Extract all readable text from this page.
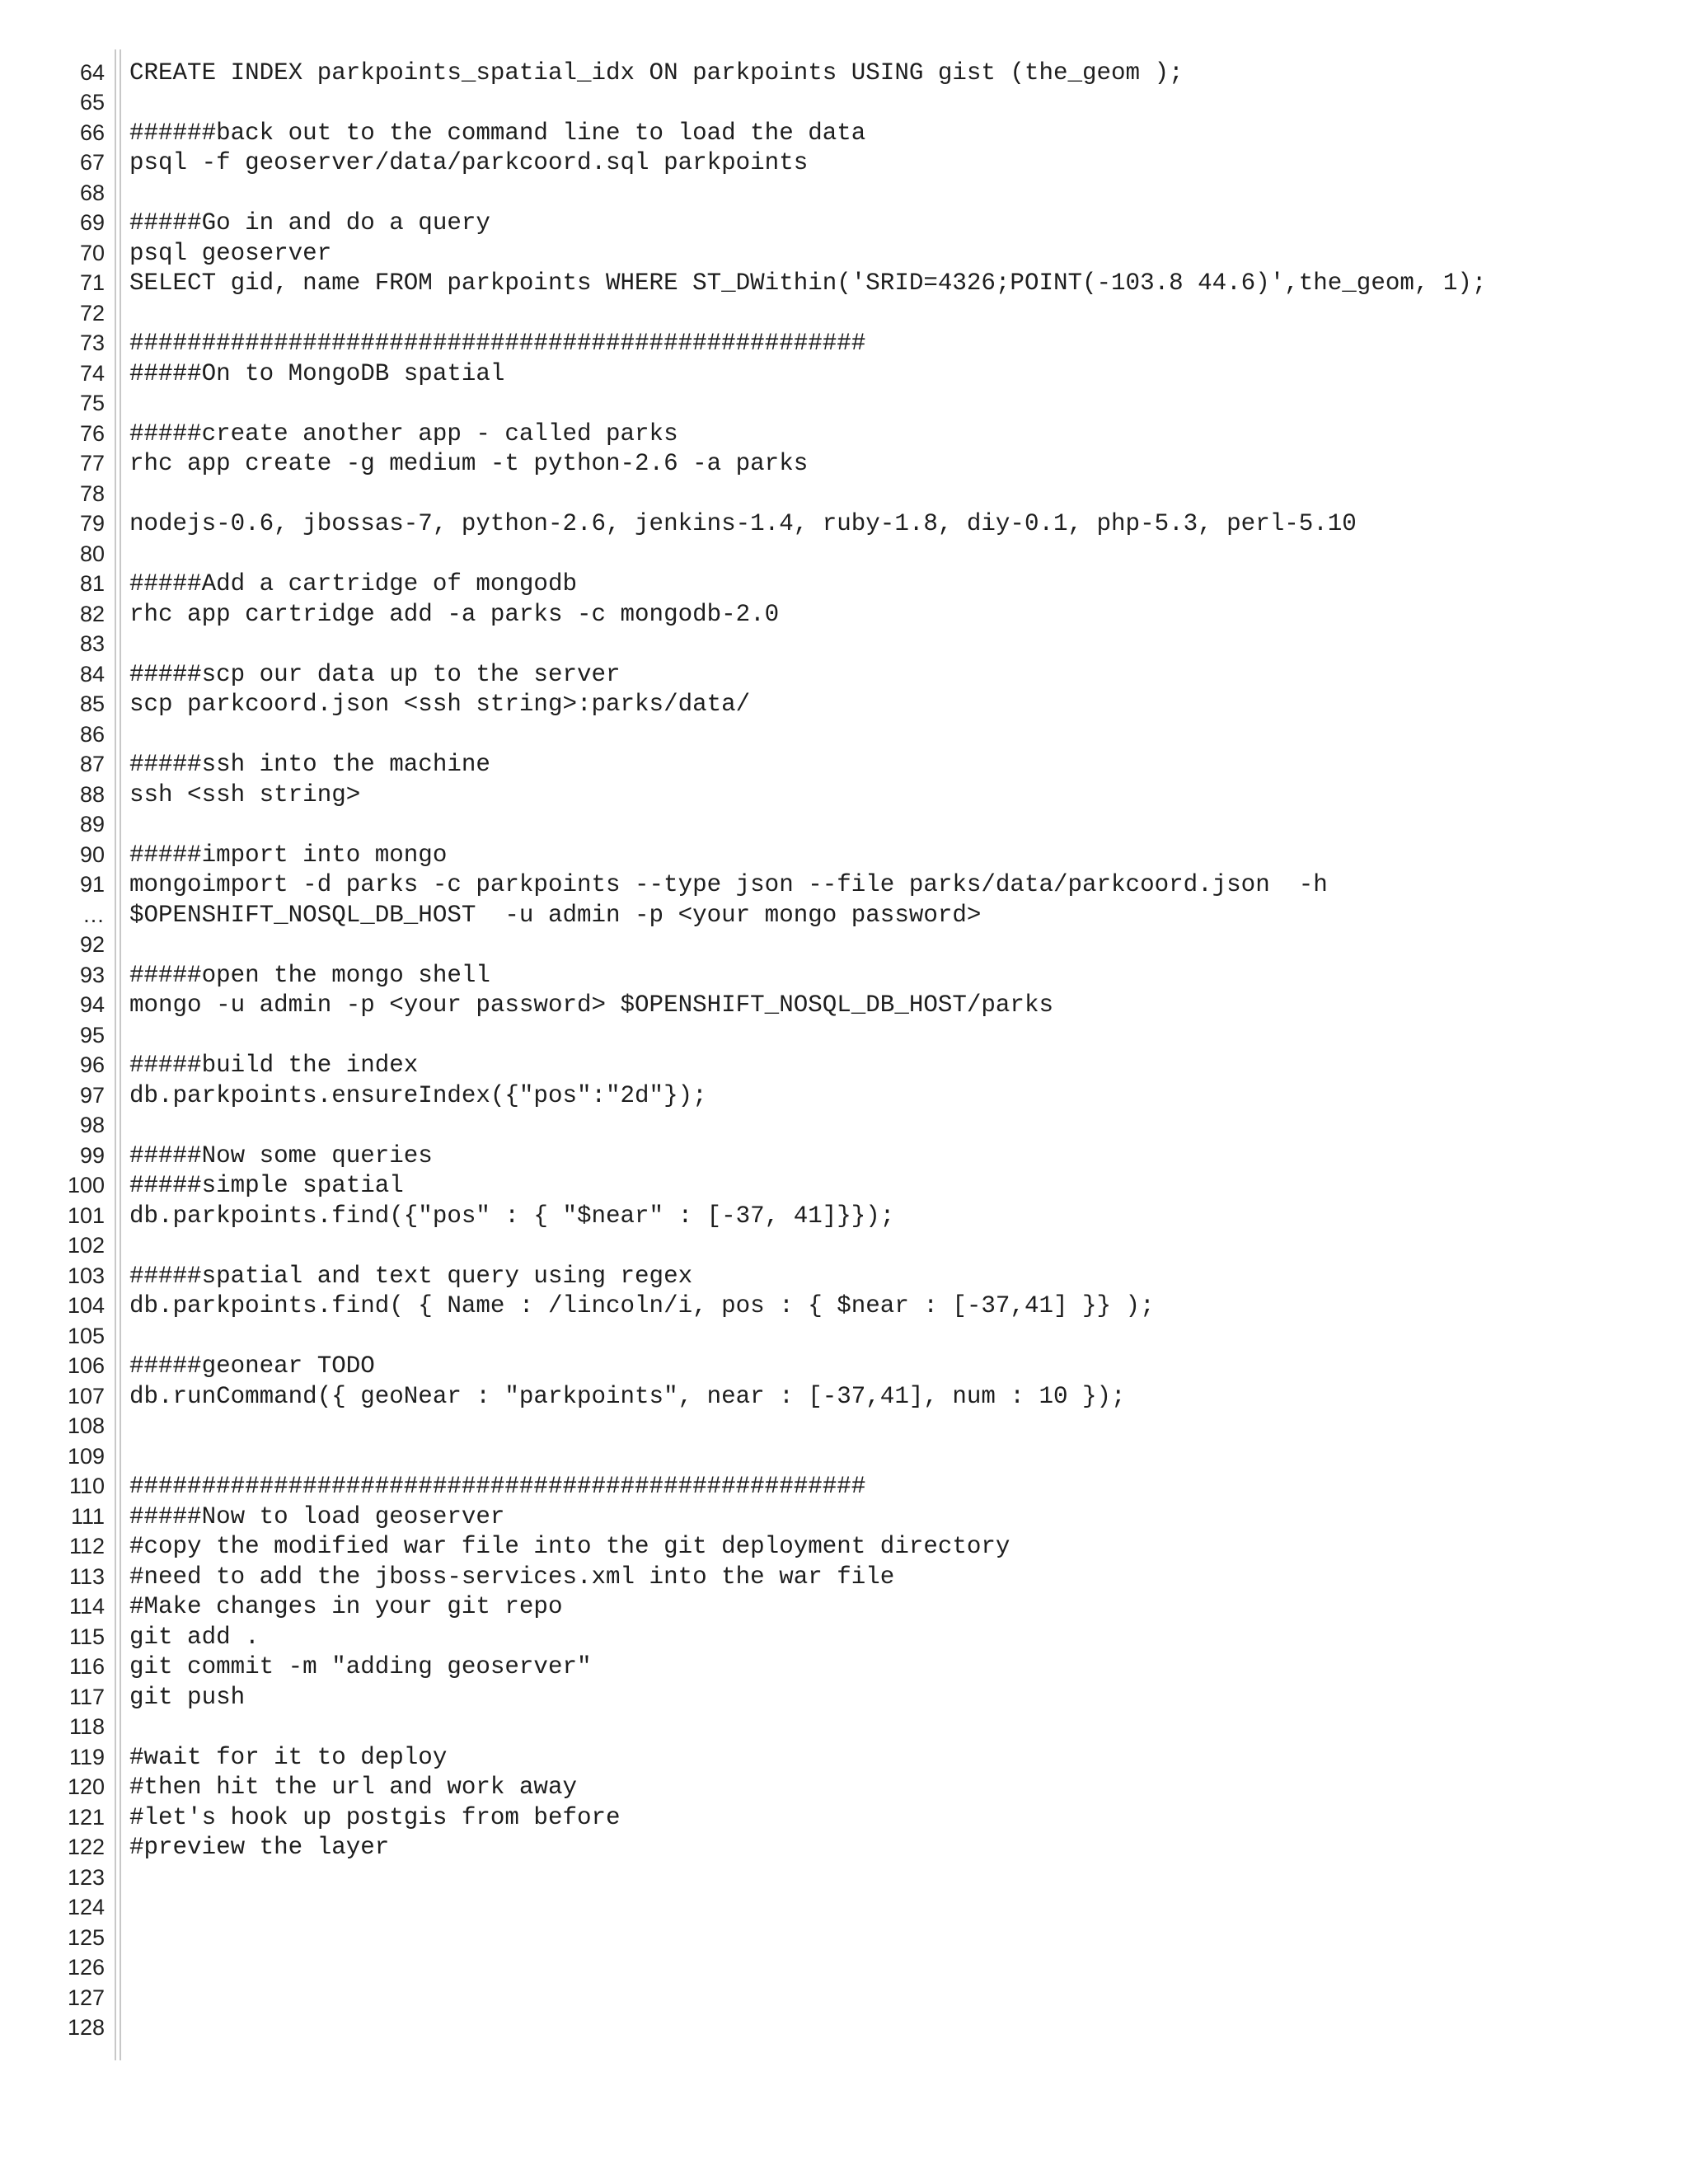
64	CREATE INDEX parkpoints_spatial_idx ON parkpoints USING gist (the_geom );
65
66	######back out to the command line to load the data
67	psql -f geoserver/data/parkcoord.sql parkpoints
68
69	#####Go in and do a query
70	psql geoserver
71	SELECT gid, name FROM parkpoints WHERE ST_DWithin('SRID=4326;POINT(-103.8 44.6)',the_geom, 1);
72
73	###################################################
74	#####On to MongoDB spatial
75
76	#####create another app - called parks
77	rhc app create -g medium -t python-2.6 -a parks
78
79	nodejs-0.6, jbossas-7, python-2.6, jenkins-1.4, ruby-1.8, diy-0.1, php-5.3, perl-5.10
80
81	#####Add a cartridge of mongodb
82	rhc app cartridge add -a parks -c mongodb-2.0
83
84	#####scp our data up to the server
85	scp parkcoord.json <ssh string>:parks/data/
86
87	#####ssh into the machine
88	ssh <ssh string>
89
90	#####import into mongo
91	mongoimport -d parks -c parkpoints --type json --file parks/data/parkcoord.json  -h
…	$OPENSHIFT_NOSQL_DB_HOST  -u admin -p <your mongo password>
92
93	#####open the mongo shell
94	mongo -u admin -p <your password> $OPENSHIFT_NOSQL_DB_HOST/parks
95
96	#####build the index
97	db.parkpoints.ensureIndex({"pos":"2d"});
98
99	#####Now some queries
100	#####simple spatial
101	db.parkpoints.find({"pos" : { "$near" : [-37, 41]}});
102
103	#####spatial and text query using regex
104	db.parkpoints.find( { Name : /lincoln/i, pos : { $near : [-37,41] }} );
105
106	#####geonear TODO
107	db.runCommand({ geoNear : "parkpoints", near : [-37,41], num : 10 });
108
109
110	###################################################
111	#####Now to load geoserver
112	#copy the modified war file into the git deployment directory
113	#need to add the jboss-services.xml into the war file
114	#Make changes in your git repo
115	git add .
116	git commit -m "adding geoserver"
117	git push
118
119	#wait for it to deploy
120	#then hit the url and work away
121	#let's hook up postgis from before
122	#preview the layer
123
124
125
126
127
128
